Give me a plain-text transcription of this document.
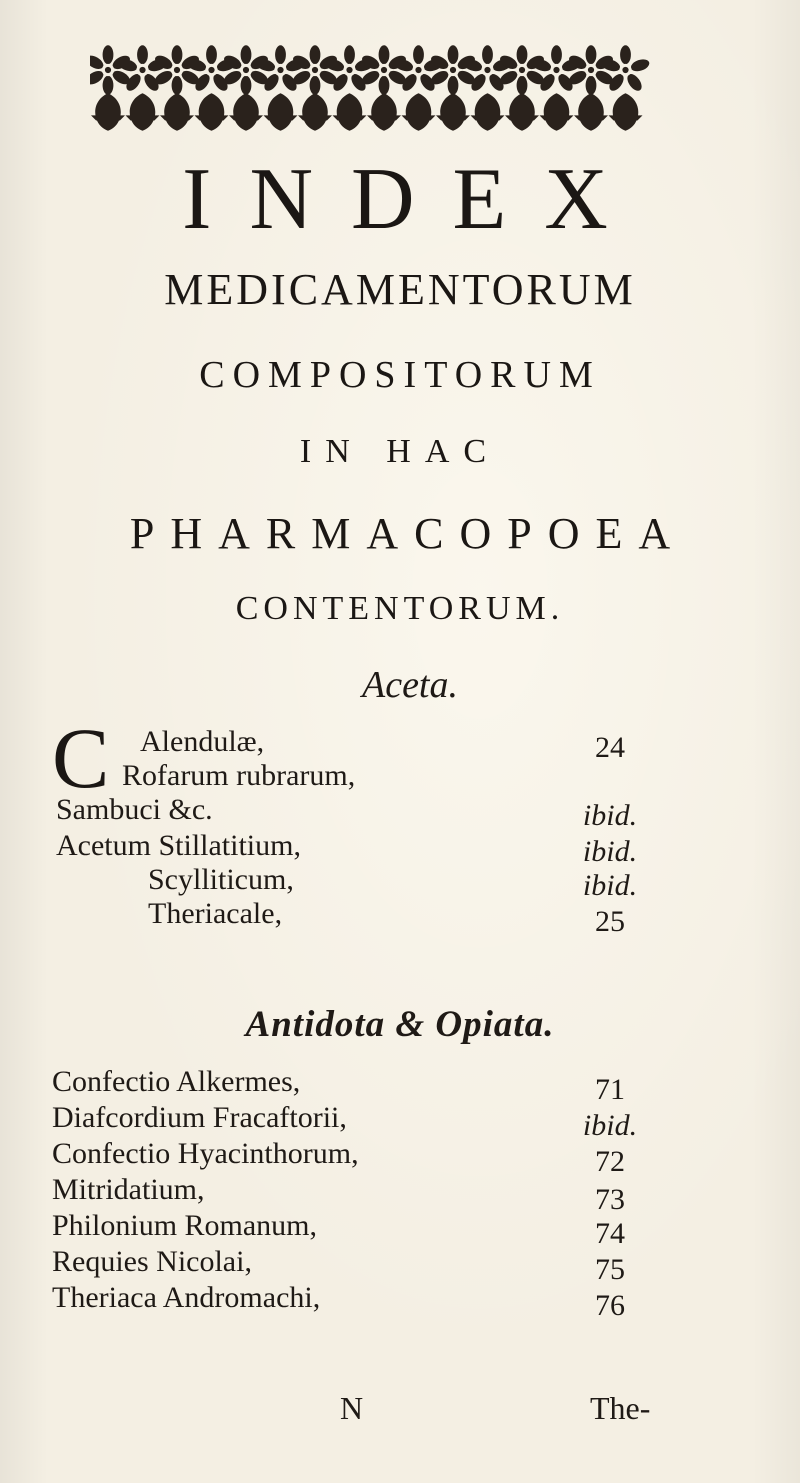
INDEX
MEDICAMENTORUM
COMPOSITORUM
IN HAC
PHARMACOPOEA
CONTENTORUM.
Aceta.
C Alendulæ,	24
Rofarum rubrarum,
Sambuci &c.	ibid.
Acetum Stillatitium,	ibid.
Scylliticum,	ibid.
Theriacale,	25
Antidota & Opiata.
Confectio Alkermes,	71
Diafcordium Fracaftorii,	ibid.
Confectio Hyacinthorum,	72
Mitridatium,	73
Philonium Romanum,	74
Requies Nicolai,	75
Theriaca Andromachi,	76
N	The-
